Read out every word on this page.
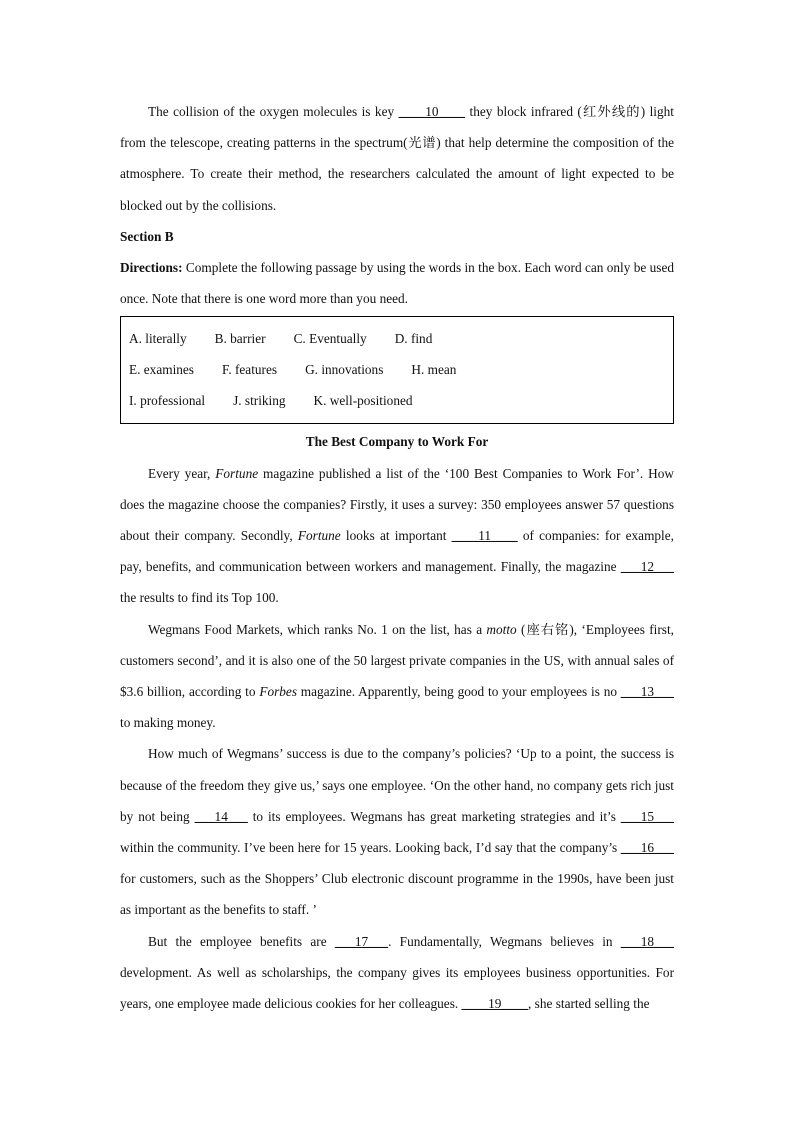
The collision of the oxygen molecules is key ____10____ they block infrared (红外线的) light from the telescope, creating patterns in the spectrum(光谱) that help determine the composition of the atmosphere. To create their method, the researchers calculated the amount of light expected to be blocked out by the collisions.

Section B

Directions: Complete the following passage by using the words in the box. Each word can only be used once. Note that there is one word more than you need.

A. literally B. barrier C. Eventually D. find
E. examines F. features G. innovations H. mean
I. professional J. striking K. well-positioned

The Best Company to Work For

Every year, Fortune magazine published a list of the ‘100 Best Companies to Work For’. How does the magazine choose the companies? Firstly, it uses a survey: 350 employees answer 57 questions about their company. Secondly, Fortune looks at important ____11____ of companies: for example, pay, benefits, and communication between workers and management. Finally, the magazine ___12___ the results to find its Top 100.

Wegmans Food Markets, which ranks No. 1 on the list, has a motto (座右铭), ‘Employees first, customers second’, and it is also one of the 50 largest private companies in the US, with annual sales of $3.6 billion, according to Forbes magazine. Apparently, being good to your employees is no ___13___ to making money.

How much of Wegmans’ success is due to the company’s policies? ‘Up to a point, the success is because of the freedom they give us,’ says one employee. ‘On the other hand, no company gets rich just by not being ___14___ to its employees. Wegmans has great marketing strategies and it’s ___15___ within the community. I’ve been here for 15 years. Looking back, I’d say that the company’s ___16___ for customers, such as the Shoppers’ Club electronic discount programme in the 1990s, have been just as important as the benefits to staff. ’

But the employee benefits are ___17___. Fundamentally, Wegmans believes in ___18___ development. As well as scholarships, the company gives its employees business opportunities. For years, one employee made delicious cookies for her colleagues. ____19____, she started selling the
